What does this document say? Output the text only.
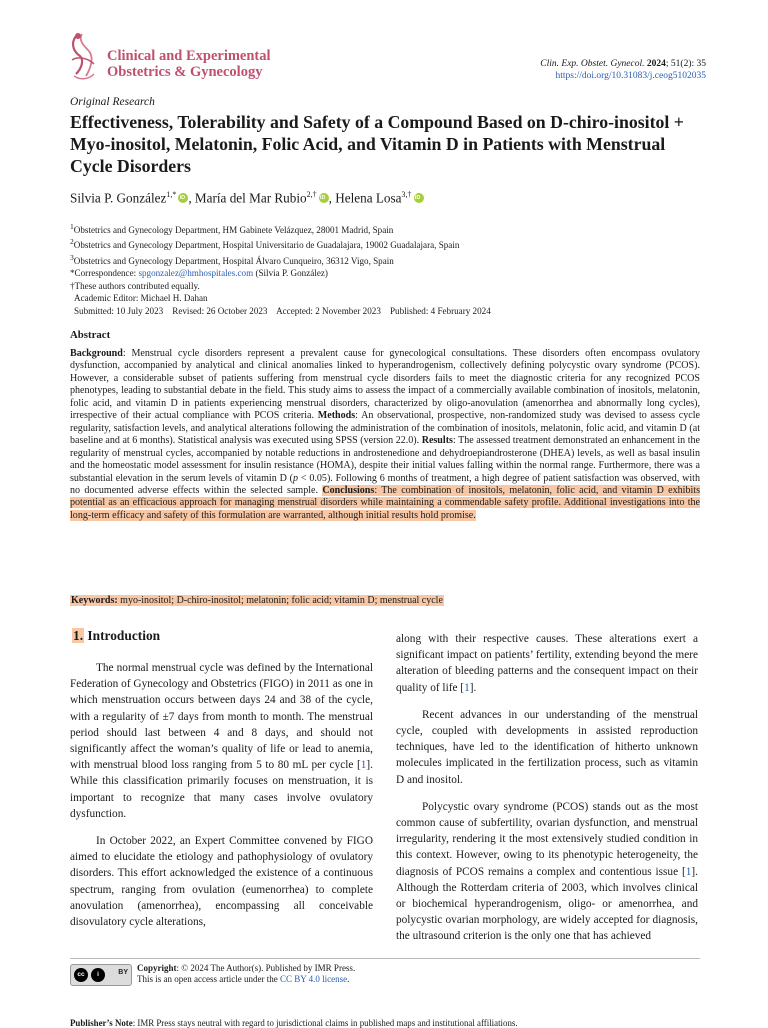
Clinical and Experimental
Obstetrics & Gynecology	Clin. Exp. Obstet. Gynecol. 2024; 51(2): 35
https://doi.org/10.31083/j.ceog5102035
Original Research
Effectiveness, Tolerability and Safety of a Compound Based on D-chiro-inositol + Myo-inositol, Melatonin, Folic Acid, and Vitamin D in Patients with Menstrual Cycle Disorders
Silvia P. González$^{1,*}$ iD , María del Mar Rubio$^{2,\dagger}$ iD , Helena Losa$^{3,\dagger}$iD
$^1$Obstetrics and Gynecology Department, HM Gabinete Velázquez, 28001 Madrid, Spain
$^2$Obstetrics and Gynecology Department, Hospital Universitario de Guadalajara, 19002 Guadalajara, Spain
$^3$Obstetrics and Gynecology Department, Hospital Álvaro Cunqueiro, 36312 Vigo, Spain
*Correspondence: spgonzalez@hmhospitales.com (Silvia P. González)
†These authors contributed equally.
Academic Editor: Michael H. Dahan
Submitted: 10 July 2023    Revised: 26 October 2023    Accepted: 2 November 2023    Published: 4 February 2024
Abstract
Background: Menstrual cycle disorders represent a prevalent cause for gynecological consultations. These disorders often encompass ovulatory dysfunction, accompanied by analytical and clinical anomalies linked to hyperandrogenism, collectively defining polycystic ovary syndrome (PCOS). However, a considerable subset of patients suffering from menstrual cycle disorders fails to meet the diagnostic criteria for any recognized PCOS phenotypes, leading to substantial debate in the field. This study aims to assess the impact of a commercially available combination of inositols, melatonin, folic acid, and vitamin D in patients experiencing menstrual disorders, characterized by oligo-anovulation (amenorrhea and abnormally long cycles), irrespective of their actual compliance with PCOS criteria. Methods: An observational, prospective, non-randomized study was devised to assess cycle regularity, satisfaction levels, and analytical alterations following the administration of the combination of inositols, melatonin, folic acid, and vitamin D (at baseline and at 6 months). Statistical analysis was executed using SPSS (version 22.0). Results: The assessed treatment demonstrated an enhancement in the regularity of menstrual cycles, accompanied by notable reductions in androstenedione and dehydroepiandrosterone (DHEA) levels, as well as basal insulin and the homeostatic model assessment for insulin resistance (HOMA), despite their initial values falling within the normal range. Furthermore, there was a substantial elevation in the serum levels of vitamin D (p < 0.05). Following 6 months of treatment, a high degree of patient satisfaction was observed, with no documented adverse effects within the selected sample. Conclusions: The combination of inositols, melatonin, folic acid, and vitamin D exhibits potential as an efficacious approach for managing menstrual disorders while maintaining a commendable safety profile. Additional investigations into the long-term efficacy and safety of this formulation are warranted, although initial results hold promise.
Keywords: myo-inositol; D-chiro-inositol; melatonin; folic acid; vitamin D; menstrual cycle
1. Introduction

The normal menstrual cycle was defined by the International Federation of Gynecology and Obstetrics (FIGO) in 2011 as one in which menstruation occurs between days 24 and 38 of the cycle, with a regularity of ±7 days from month to month. The menstrual period should last between 4 and 8 days, and should not significantly affect the woman’s quality of life or lead to anemia, with menstrual blood loss ranging from 5 to 80 mL per cycle [1]. While this classification primarily focuses on menstruation, it is important to recognize that many cases involve ovulatory dysfunction.

In October 2022, an Expert Committee convened by FIGO aimed to elucidate the etiology and pathophysiology of ovulatory disorders. This effort acknowledged the existence of a continuous spectrum, ranging from ovulation (eumenorrhea) to complete anovulation (amenorrhea), encompassing all conceivable disovulatory cycle alterations,

along with their respective causes. These alterations exert a significant impact on patients’ fertility, extending beyond the mere alteration of bleeding patterns and the consequent impact on their quality of life [1].

Recent advances in our understanding of the menstrual cycle, coupled with developments in assisted reproduction techniques, have led to the identification of hitherto unknown molecules implicated in the fertilization process, such as vitamin D and inositol.

Polycystic ovary syndrome (PCOS) stands out as the most common cause of subfertility, ovarian dysfunction, and menstrual irregularity, rendering it the most extensively studied condition in this context. However, owing to its phenotypic heterogeneity, the diagnosis of PCOS remains a complex and contentious issue [1]. Although the Rotterdam criteria of 2003, which involves clinical or biochemical hyperandrogenism, oligo- or amenorrhea, and polycystic ovarian morphology, are widely accepted for diagnosis, the ultrasound criterion is the only one that has achieved

cc	i	BY Copyright: © 2024 The Author(s). Published by IMR Press.
This is an open access article under the CC BY 4.0 license.
Publisher’s Note: IMR Press stays neutral with regard to jurisdictional claims in published maps and institutional affiliations.
